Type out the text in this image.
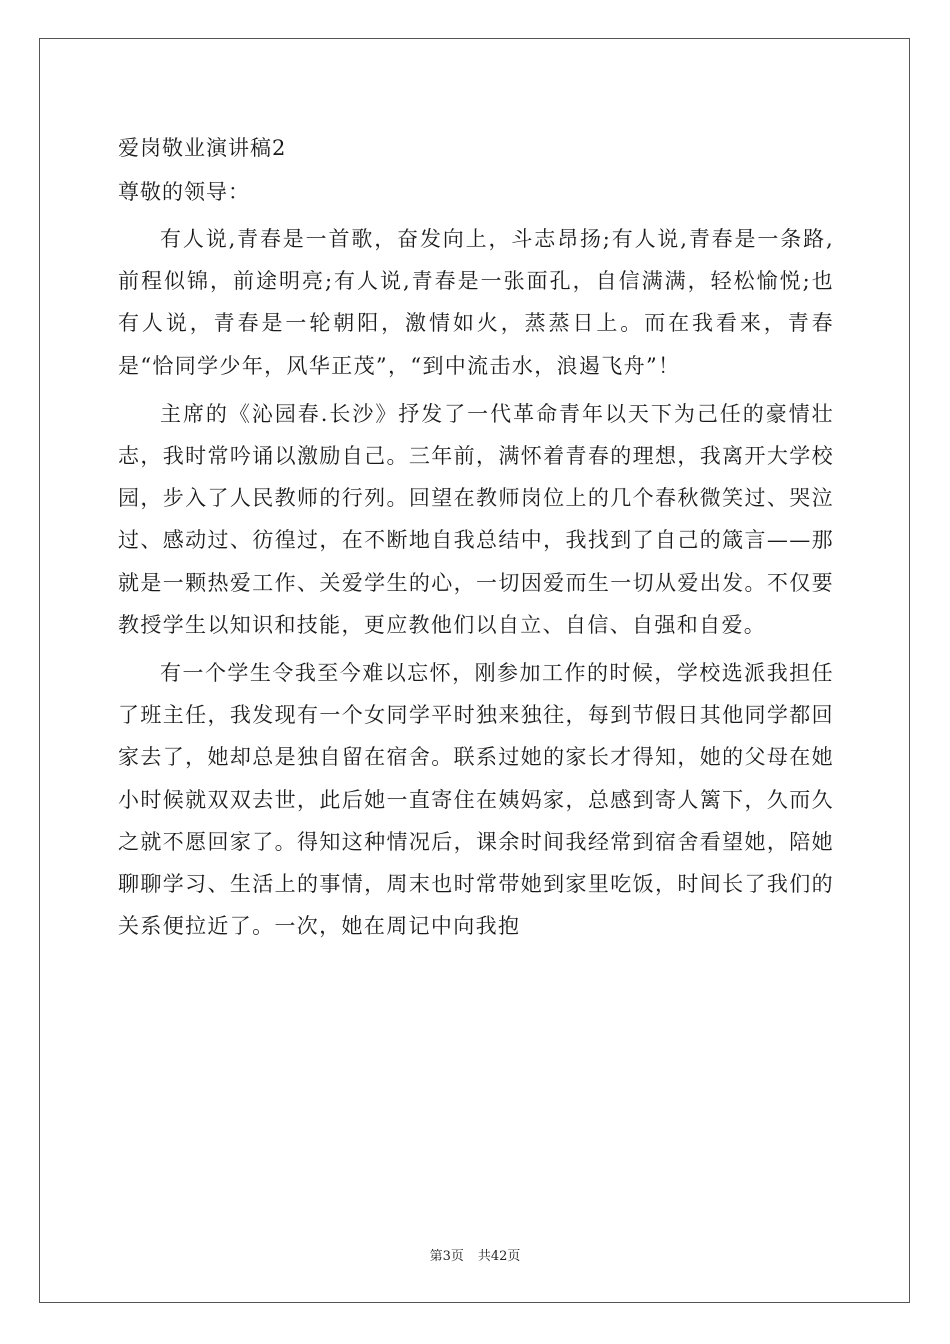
爱岗敬业演讲稿2

尊敬的领导：

有人说,青春是一首歌，奋发向上，斗志昂扬;有人说,青春是一条路,前程似锦，前途明亮;有人说,青春是一张面孔，自信满满，轻松愉悦;也有人说，青春是一轮朝阳，激情如火，蒸蒸日上。而在我看来，青春是“恰同学少年，风华正茂”，“到中流击水，浪遏飞舟”！

主席的《沁园春.长沙》抒发了一代革命青年以天下为己任的豪情壮志，我时常吟诵以激励自己。三年前，满怀着青春的理想，我离开大学校园，步入了人民教师的行列。回望在教师岗位上的几个春秋微笑过、哭泣过、感动过、彷徨过，在不断地自我总结中，我找到了自己的箴言——那就是一颗热爱工作、关爱学生的心，一切因爱而生一切从爱出发。不仅要教授学生以知识和技能，更应教他们以自立、自信、自强和自爱。

有一个学生令我至今难以忘怀，刚参加工作的时候，学校选派我担任了班主任，我发现有一个女同学平时独来独往，每到节假日其他同学都回家去了，她却总是独自留在宿舍。联系过她的家长才得知，她的父母在她小时候就双双去世，此后她一直寄住在姨妈家，总感到寄人篱下，久而久之就不愿回家了。得知这种情况后，课余时间我经常到宿舍看望她，陪她聊聊学习、生活上的事情，周末也时常带她到家里吃饭，时间长了我们的关系便拉近了。一次，她在周记中向我抱

第3页 共42页
